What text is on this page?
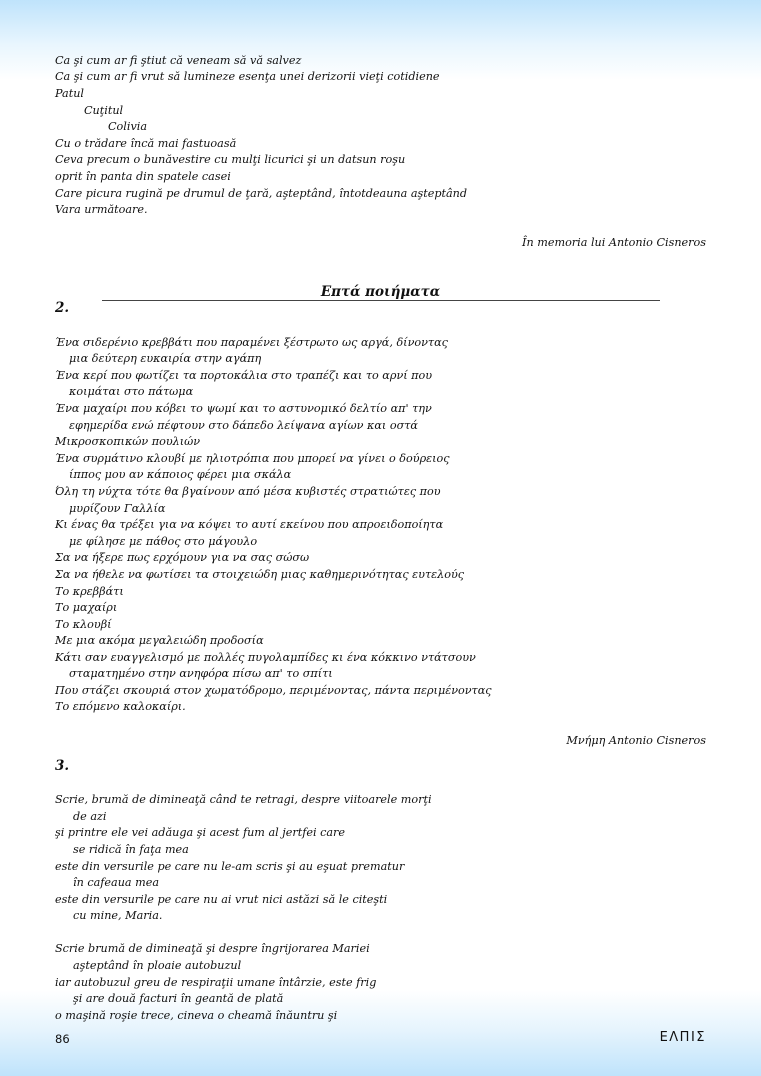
Ca şi cum ar fi ştiut că veneam să vă salvez
Ca şi cum ar fi vrut să lumineze esenţa unei derizorii vieţi cotidiene
Patul
Cuţitul
Colivia
Cu o trădare încă mai fastuoasă
Ceva precum o bunăvestire cu mulţi licurici şi un datsun roşu
oprit în panta din spatele casei
Care picura rugină pe drumul de ţară, aşteptând, întotdeauna aşteptând
Vara următoare.
În memoria lui Antonio Cisneros
Επτά ποιήματα
2.
Ένα σιδερένιο κρεββάτι που παραμένει ξέστρωτο ως αργά, δίνοντας
μια δεύτερη ευκαιρία στην αγάπη
Ένα κερί που φωτίζει τα πορτοκάλια στο τραπέζι και το αρνί που
κοιμάται στο πάτωμα
Ένα μαχαίρι που κόβει το ψωμί και το αστυνομικό δελτίο απ' την
εφημερίδα ενώ πέφτουν στο δάπεδο λείψανα αγίων και οστά
Μικροσκοπικών πουλιών
Ένα συρμάτινο κλουβί με ηλιοτρόπια που μπορεί να γίνει ο δούρειος
ίππος μου αν κάποιος φέρει μια σκάλα
Όλη τη νύχτα τότε θα βγαίνουν από μέσα κυβιστές στρατιώτες που
μυρίζουν Γαλλία
Κι ένας θα τρέξει για να κόψει το αυτί εκείνου που απροειδοποίητα
με φίλησε με πάθος στο μάγουλο
Σα να ήξερε πως ερχόμουν για να σας σώσω
Σα να ήθελε να φωτίσει τα στοιχειώδη μιας καθημερινότητας ευτελούς
Το κρεββάτι
Το μαχαίρι
Το κλουβί
Με μια ακόμα μεγαλειώδη προδοσία
Κάτι σαν ευαγγελισμό με πολλές πυγολαμπίδες κι ένα κόκκινο ντάτσουν
σταματημένο στην ανηφόρα πίσω απ' το σπίτι
Που στάζει σκουριά στον χωματόδρομο, περιμένοντας, πάντα περιμένοντας
Το επόμενο καλοκαίρι.
Μνήμη Antonio Cisneros
3.
Scrie, brumă de dimineaţă când te retragi, despre viitoarele morţi
de azi
şi printre ele vei adăuga şi acest fum al jertfei care
se ridică în faţa mea
este din versurile pe care nu le-am scris şi au eşuat prematur
în cafeaua mea
este din versurile pe care nu ai vrut nici astăzi să le citeşti
cu mine, Maria.
Scrie brumă de dimineaţă şi despre îngrijorarea Mariei
aşteptând în ploaie autobuzul
iar autobuzul greu de respiraţii umane întârzie, este frig
şi are două facturi în geantă de plată
o maşină roşie trece, cineva o cheamă înăuntru şi
86	ΕΛΠΙΣ
